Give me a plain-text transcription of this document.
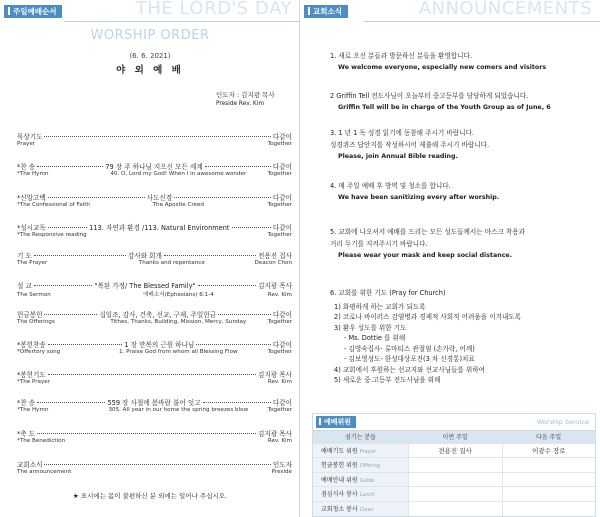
주일예배순서	THE LORD'S DAY
WORSHIP ORDER
(6. 6. 2021)
야 외 예 배
인도자 : 김지광 목사
Preside Rev. Kim
묵상기도	다같이
Prayer	Together
*찬 송	79 장 주 하나님 지으신 모든 세계	다같이
*The Hymn	40. O, Lord my God! When I in awesome wonder	Together
*신앙고백	사도신경	다같이
*The Confessional of Faith	The Apostle Creed	Together
*성시교독	113. 자연과 환경 /113. Natural Environment	다같이
*The Responsive reading	Together
기 도	감사와 회개	전용진 집사
The Prayer	Thanks and repentance	Deacon Chon
설 교	"복된 가정/ The Blessed Family"	김지광 목사
The Sermon	에베소서(Ephesians) 6:1-4	Rev. Kim
헌금봉헌	십일조, 감사, 건축, 선교, 구제, 주일헌금	다같이
The Offerings	Tithes, Thanks, Building, Mission, Mercy, Sunday	Together
*봉헌찬송	1 장 만복의 근원 하나님	다같이
*Offertory song	1. Praise God from whom all Blessing Flow	Together
*봉헌기도	김지광 목사
*The Prayer	Rev. Kim
*찬 송	559 장 사철에 봄바람 불어 잇고	다같이
*The Hymn	305. All year in our home the spring breezes blow	Together
*축 도	김지광 목사
*The Benediction	Rev. Kim
교회소식	인도자
The announcement	Preside
★ 표시에는 몸이 불편하신 분 외에는 일어나 주십시오.
교회소식	ANNOUNCEMENTS
1. 새로 오신 분들과 방문하신 분들을 환영합니다.
We welcome everyone, especially new comers and visitors
2 Griffin Tell 전도사님이 오늘부터 중고등부를 담당하게 되었습니다.
Griffin Tell will be in charge of the Youth Group as of June, 6
3. 1 년 1 독 성경 읽기에 동참해 주시기 바랍니다.
성경퀴즈 답안지를 작성하시어 제출해 주시기 바랍니다.
Please, join Annual Bible reading.
4. 매 주일 예배 후 방역 및 청소를 합니다.
We have been sanitizing every after worship.
5. 교회에 나오셔서 예배를 드리는 모든 성도들께서는 마스크 착용과
거리 두기를 지켜주시기 바랍니다.
Please wear your mask and keep social distance.
6. 교회를 위한 기도 (Pray for Church)
1) 화평하게 하는 교회가 되도록
2) 코로나 바이러스 감염병과 경제적 사회적 어려움을 이겨내도록
3) 환우 성도를 위한 기도
- Ms. Dottie 를 위해
- 김영숙집사- 류마티스 관절염 (손가락, 어깨)
- 김보영성도- 한성대상포진(3 차 신경통)치료
4) 교회에서 후원하는 선교지와 선교사님들를 위하여
5) 새로운 중.고등부 전도사님을 위해
예배위원	Worship Service
섬기는 분들	이번 주일	다음 주일
예배기도 위원 Prayer	전용진 집사	이광수 장로
헌금봉헌 위원 Offering		
예배안내 위원 Guide		
점심식사 봉사 Lunch		
교회청소 봉사 Clean		
